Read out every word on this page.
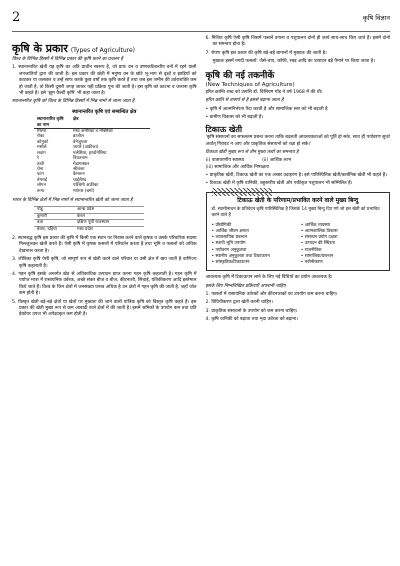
2	कृषि विज्ञान
कृषि के प्रकार (Types of Agriculture)
विश्व के विभिन्न हिस्सों में विभिन्न प्रकार की कृषि करने का प्रचलन है
1. स्थानान्तरित खेती यह कृषि का अति प्राचीन स्वरूप है, जो प्रायः वन व उष्णकटिबन्धीय वनों में रहने वाली जनजातियों द्वारा की जाती है। इस प्रकार की खेती में मनुष्य वन के छोटे भू-भाग से वृक्षों व झाड़ियों को काटकर या जलाकर व उन्हें साफ करके कुछ वर्षों तक कृषि करते हैं तथा जब इस जमीन की उर्वराशक्ति कम हो जाती है, तो किसी दूसरी जगह जाकर यही प्रक्रिया पुनः की जाती है। इस कृषि को काटना व जलाना कृषि भी कहते हैं। इसे 'झूम कैल्टी कृषि' भी कहा जाता है।
स्थानान्तरित कृषि को विश्व के विभिन्न हिस्सों में भिन्न नामों से जाना जाता है
स्थानान्तरित कृषि एवं सम्बन्धित क्षेत्र
स्थानान्तरित कृषि का नाम	क्षेत्र
मिल्पा	मध्य अमेरिका व मैक्सिको
रोका	ब्राजील
कोनुको	वेनेजुएला
मसोले	जायरे (अफ्रीका)
लदांग	मलेशिया, इण्डोनेशिया
रे	वियतनाम
तावी	मेडागास्कर
चेना	श्रीलंका
फांग	कैमरून
तेमराई	थाईलैण्ड
लोगन	पश्चिमी अफ्रीका
रूमा	म्यांमार (बर्मा)
भारत के विभिन्न क्षेत्रों में भिन्न नामों से स्थानान्तरित खेती को जाना जाता है
पोडू	आन्ध्र प्रदेश
कुमारी	केरल
बत्रा	दक्षिण पूर्वी राजस्थान
बेवार, दहिया	मध्य प्रदेश
2. स्थानबद्ध कृषि इस प्रकार की कृषि में किसी एक स्थान पर निवास करने वाले कृषक व उसके परिवारिक सदस्य मिलजुलकर खेती करते हैं। ऐसी कृषि में कृषक फसलों में परिवर्तन करता है तथा भूमि व फसलों को अधिक देखभाल करता है।
3. जीविका कृषि ऐसी कृषि, जो सम्पूर्ण रूप से खेती करने वाले परिवार या उसी क्षेत्र में खप जाती है वाणिज्य कृषि कहलाती है।
4. गहन कृषि इसके अन्तर्गत खेत से अधिकाधिक उत्पादन प्राप्त करना गहन कृषि कहलाती है। गहन कृषि में पर्याप्त मात्रा में रासायनिक उर्वरक, अच्छे संकर बीज व बीज, कीटनाशी, सिंचाई, यंत्रिकीकरण आदि इस्तेमाल किये जाते हैं। विश्व के जिन क्षेत्रों में जनसंख्या घनत्व अधिक है उन क्षेत्रों में गहन कृषि की जाती है, जहाँ जोत कम होती है।
5. विस्तृत खेती बड़े-बड़े क्षेत्रों या खेतों पर मुख्यतः की जाने वाली यांत्रिक कृषि को विस्तृत कृषि कहते हैं। इस प्रकार की खेती मुख्य रूप से कम आबादी वाले क्षेत्रों में की जाती है। इसमें श्रमिकों के उपयोग कम तथा प्रति हेक्टेयर उपज भी अपेक्षाकृत कम होती है।
6. मिश्रित कृषि ऐसी कृषि जिसमें फसलें उगाना व पशुपालन दोनों ही कार्य साथ-साथ किए जाते हैं। इसमें दोनों का समन्वय होता है।
7. रोपण कृषि इस प्रकार की कृषि बड़े-बड़े बागानों में मुख्यतः की जाती है।
मुख्यतः इसमें नगदी फसलों: जैसे-चाय, कॉफी, रबड़ आदि का उत्पादन बड़े पैमाने पर किया जाता है।
कृषि की नई तकनीकें
(New Techniques of Agriculture)
हरित क्रान्ति शब्द को उत्पत्ति डॉ. विलियम गॉड ने वर्ष 1968 में की थी।
हरित क्रांति से तात्पर्य से है इससे बढ़ाना जाता है
• कृषि में आत्मनिर्भरता पैदा करती है और सामाजिक स्तर को भी बढ़ाती है
• ग्रामीण विकास को भी बढ़ाती है।
टिकाऊ खेती
'कृषि संसाधनों का सफलतम प्रबन्ध करना ताकि बदलती आवश्यकताओं को पूर्ति हो सके, साथ ही पर्यावरण सुधरे अर्थात् गिरावट न आए और प्राकृतिक संसाधनों को रक्षा हो सके।'
टिकाऊ खेती मुख्य रूप से तीन मुख्य तत्वों का समन्वय है
(i) वातावरणीय स्वास्थ्य	(ii) आर्थिक लाभ
(iii) सामाजिक और आर्थिक निष्पक्षता
• प्राकृतिक खेती, टिकाऊ खेती का एक अच्छा उदाहरण है। इसे पारिस्थितिक खेती/कार्बनिक खेती भी कहते हैं।
• टिकाऊ खेती में कृषि वानिकी, बहुस्तरीय खेती और एकीकृत पशुपालन भी सम्मिलित हैं।
टिकाऊ खेती के परिणाम/प्रभावित करने वाले मुख्य बिन्दु
डॉ. स्वामीनाथन के प्रतिवेदन कृषि पारिस्थितिक है जिसके 14 मुख्य बिन्दु दिए गये जो इस खेती को प्रभावित करने वाले हैं
• प्रौद्योगिकी	• आर्थिक व्यवस्था
• आर्थिक जीवन क्षमता	• आत्मकालिक विकास
• व्यावसायिक प्रबन्धन	• संसाधन प्रयोग दक्षता
• स्थायी भूमि उपयोग	• उत्पादन की स्थिरता
• पर्यावरण अनुकूलता	• राजनीतिक
• स्थानीय अनुकूलता तथा टिकाऊपन	• सामाजिक/प्रबन्धन
• सांस्कृतिक/टिकाऊपन	• नवीनीकरण
आवश्यक कृषि में टिकाऊपन लाने के लिए नई विधियों का प्रयोग आवश्यक है।
इसके लिए निम्नलिखित प्रक्रियाएँ अपनानी चाहिए
1. फसलों में रासायनिक उर्वरकों और कीटनाशकों का उपयोग कम करना चाहिए।
2. विविधीकरण द्वारा खेती करनी चाहिए।
3. प्राकृतिक संसाधनों के उपयोग को कम करना चाहिए।
4. कृषि वानिकी को बढ़ावा तथा मृदा उर्वरता को बढ़ाना।
